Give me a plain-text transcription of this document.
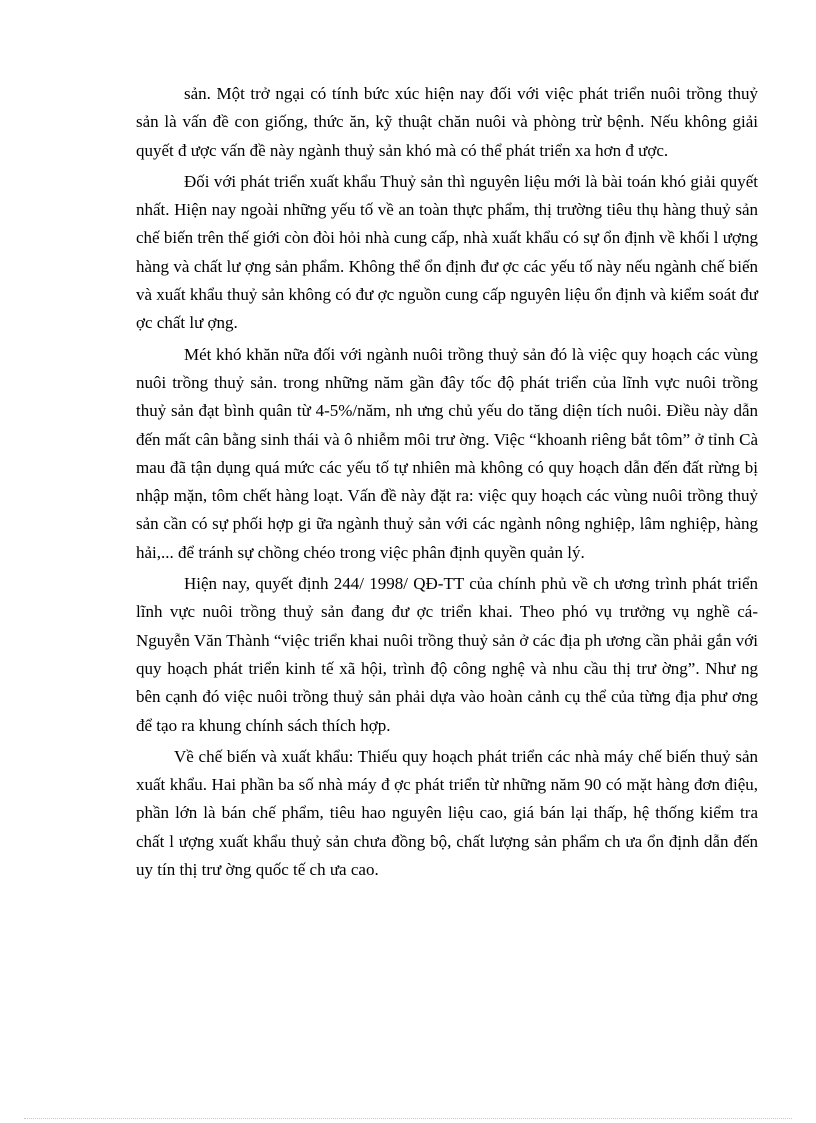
sản. Một trở ngại có tính bức xúc hiện nay đối với việc phát triển nuôi trồng thuỷ sản là vấn đề con giống, thức ăn, kỹ thuật chăn nuôi và phòng trừ bệnh. Nếu không giải quyết đ ược vấn đề này ngành thuỷ sản khó mà có thể phát triển xa hơn đ ược.

Đối với phát triển xuất khẩu Thuỷ sản thì nguyên liệu mới là bài toán khó giải quyết nhất. Hiện nay ngoài những yếu tố về an toàn thực phẩm, thị trường tiêu thụ hàng thuỷ sản chế biến trên thế giới còn đòi hỏi nhà cung cấp, nhà xuất khẩu có sự ổn định về khối l ượng hàng và chất lư ợng sản phẩm. Không thể ổn định đư ợc các yếu tố này nếu ngành chế biến và xuất khẩu thuỷ sản không có đư ợc nguồn cung cấp nguyên liệu ổn định và kiểm soát đư ợc chất lư ợng.

Mét khó khăn nữa đối với ngành nuôi trồng thuỷ sản đó là việc quy hoạch các vùng nuôi trồng thuỷ sản. trong những năm gần đây tốc độ phát triển của lĩnh vực nuôi trồng thuỷ sản đạt bình quân từ 4-5%/năm, nh ưng chủ yếu do tăng diện tích nuôi. Điều này dẫn đến mất cân bằng sinh thái và ô nhiễm môi trư ờng. Việc “khoanh riêng bắt tôm” ở tỉnh Cà mau đã tận dụng quá mức các yếu tố tự nhiên mà không có quy hoạch dẫn đến đất rừng bị nhập mặn, tôm chết hàng loạt. Vấn đề này đặt ra: việc quy hoạch các vùng nuôi trồng thuỷ sản cần có sự phối hợp gi ữa ngành thuỷ sản với các ngành nông nghiệp, lâm nghiệp, hàng hải,... để tránh sự chồng chéo trong việc phân định quyền quản lý.

Hiện nay, quyết định 244/ 1998/ QĐ-TT của chính phủ về ch ương trình phát triển lĩnh vực nuôi trồng thuỷ sản đang đư ợc triển khai. Theo phó vụ trưởng vụ nghề cá- Nguyễn Văn Thành “việc triển khai nuôi trồng thuỷ sản ở các địa ph ương cần phải gắn với quy hoạch phát triển kinh tế xã hội, trình độ công nghệ và nhu cầu thị trư ờng”. Như ng bên cạnh đó việc nuôi trồng thuỷ sản phải dựa vào hoàn cảnh cụ thể của từng địa phư ơng để tạo ra khung chính sách thích hợp.

Về chế biến và xuất khẩu: Thiếu quy hoạch phát triển các nhà máy chế biến thuỷ sản xuất khẩu. Hai phần ba số nhà máy đ ợc phát triển từ những năm 90 có mặt hàng đơn điệu, phần lớn là bán chế phẩm, tiêu hao nguyên liệu cao, giá bán lại thấp, hệ thống kiểm tra chất l ượng xuất khẩu thuỷ sản chưa đồng bộ, chất lượng sản phẩm ch ưa ổn định dẫn đến uy tín thị trư ờng quốc tế ch ưa cao.
